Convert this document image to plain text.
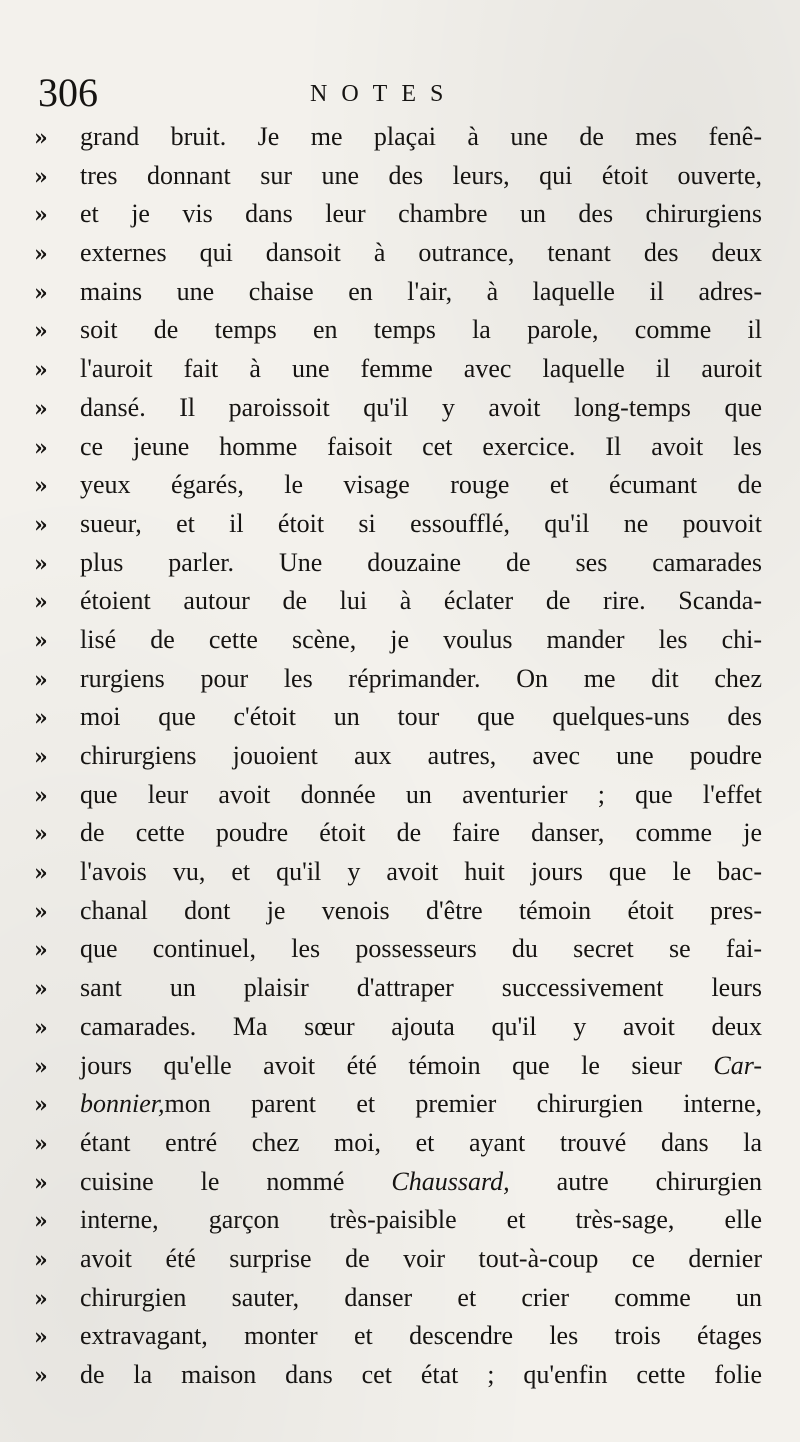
306	NOTES
»	grand bruit. Je me plaçai à une de mes fenê-
»	tres donnant sur une des leurs, qui étoit ouverte,
»	et je vis dans leur chambre un des chirurgiens
»	externes qui dansoit à outrance, tenant des deux
»	mains une chaise en l'air, à laquelle il adres-
»	soit de temps en temps la parole, comme il
»	l'auroit fait à une femme avec laquelle il auroit
»	dansé. Il paroissoit qu'il y avoit long-temps que
»	ce jeune homme faisoit cet exercice. Il avoit les
»	yeux égarés, le visage rouge et écumant de
»	sueur, et il étoit si essoufflé, qu'il ne pouvoit
»	plus parler. Une douzaine de ses camarades
»	étoient autour de lui à éclater de rire. Scanda-
»	lisé de cette scène, je voulus mander les chi-
»	rurgiens pour les réprimander. On me dit chez
»	moi que c'étoit un tour que quelques-uns des
»	chirurgiens jouoient aux autres, avec une poudre
»	que leur avoit donnée un aventurier ; que l'effet
»	de cette poudre étoit de faire danser, comme je
»	l'avois vu, et qu'il y avoit huit jours que le bac-
»	chanal dont je venois d'être témoin étoit pres-
»	que continuel, les possesseurs du secret se fai-
»	sant un plaisir d'attraper successivement leurs
»	camarades. Ma sœur ajouta qu'il y avoit deux
»	jours qu'elle avoit été témoin que le sieur Car-
»	bonnier,mon parent et premier chirurgien interne,
»	étant entré chez moi, et ayant trouvé dans la
»	cuisine le nommé Chaussard, autre chirurgien
»	interne, garçon très-paisible et très-sage, elle
»	avoit été surprise de voir tout-à-coup ce dernier
»	chirurgien sauter, danser et crier comme un
»	extravagant, monter et descendre les trois étages
»	de la maison dans cet état ; qu'enfin cette folie
